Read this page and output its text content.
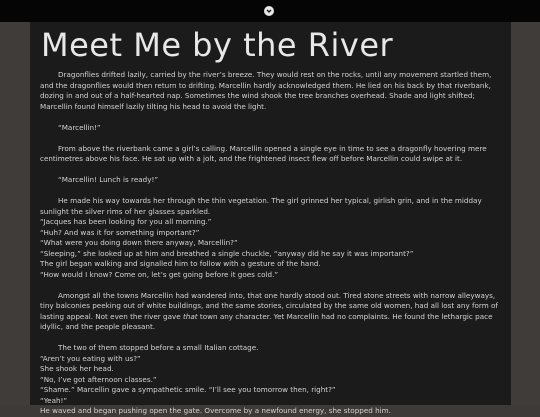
Meet Me by the River

Dragonflies drifted lazily, carried by the river’s breeze. They would rest on the rocks, until any movement startled them, and the dragonflies would then return to drifting. Marcellin hardly acknowledged them. He lied on his back by that riverbank, dozing in and out of a half-hearted nap. Sometimes the wind shook the tree branches overhead. Shade and light shifted; Marcellin found himself lazily tilting his head to avoid the light.

“Marcellin!”

From above the riverbank came a girl’s calling. Marcellin opened a single eye in time to see a dragonfly hovering mere centimetres above his face. He sat up with a jolt, and the frightened insect flew off before Marcellin could swipe at it.

“Marcellin! Lunch is ready!”

He made his way towards her through the thin vegetation. The girl grinned her typical, girlish grin, and in the midday sunlight the silver rims of her glasses sparkled.

“Jacques has been looking for you all morning.”

“Huh? And was it for something important?”

“What were you doing down there anyway, Marcellin?”

“Sleeping,” she looked up at him and breathed a single chuckle, “anyway did he say it was important?”

The girl began walking and signalled him to follow with a gesture of the hand.

“How would I know? Come on, let’s get going before it goes cold.”

Amongst all the towns Marcellin had wandered into, that one hardly stood out. Tired stone streets with narrow alleyways, tiny balconies peeking out of white buildings, and the same stories, circulated by the same old women, had all lost any form of lasting appeal. Not even the river gave that town any character. Yet Marcellin had no complaints. He found the lethargic pace idyllic, and the people pleasant.

The two of them stopped before a small Italian cottage.

“Aren’t you eating with us?”

She shook her head.

“No, I’ve got afternoon classes.”

“Shame.” Marcellin gave a sympathetic smile. “I’ll see you tomorrow then, right?”

“Yeah!”

He waved and began pushing open the gate. Overcome by a newfound energy, she stopped him.
